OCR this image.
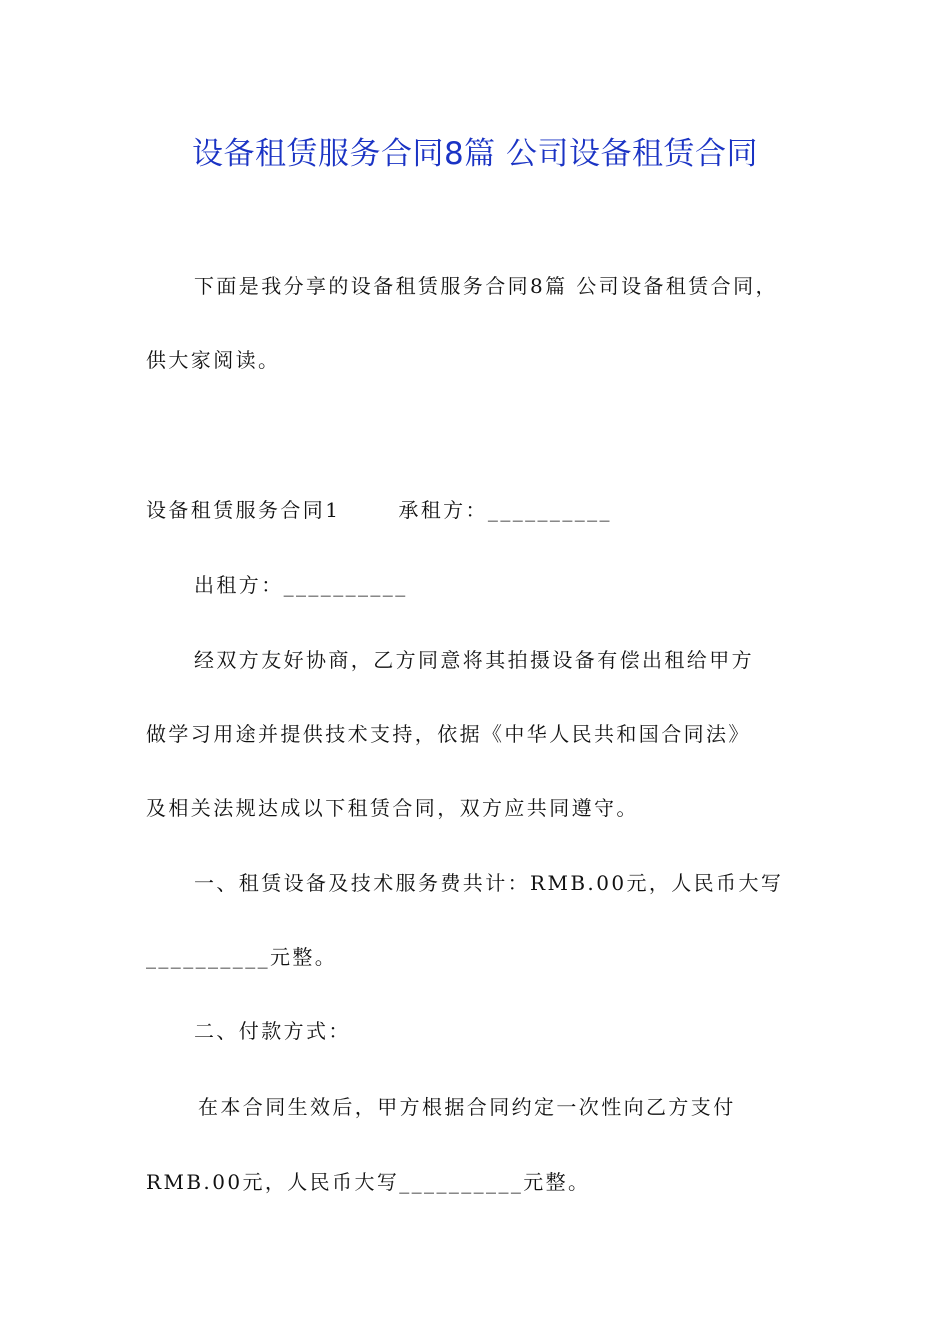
设备租赁服务合同8篇 公司设备租赁合同
下面是我分享的设备租赁服务合同8篇 公司设备租赁合同，
供大家阅读。
设备租赁服务合同1	承租方：__________
出租方：__________
经双方友好协商，乙方同意将其拍摄设备有偿出租给甲方
做学习用途并提供技术支持，依据《中华人民共和国合同法》
及相关法规达成以下租赁合同，双方应共同遵守。
一、租赁设备及技术服务费共计：RMB.00元，人民币大写
__________元整。
二、付款方式：
在本合同生效后，甲方根据合同约定一次性向乙方支付
RMB.00元，人民币大写__________元整。
